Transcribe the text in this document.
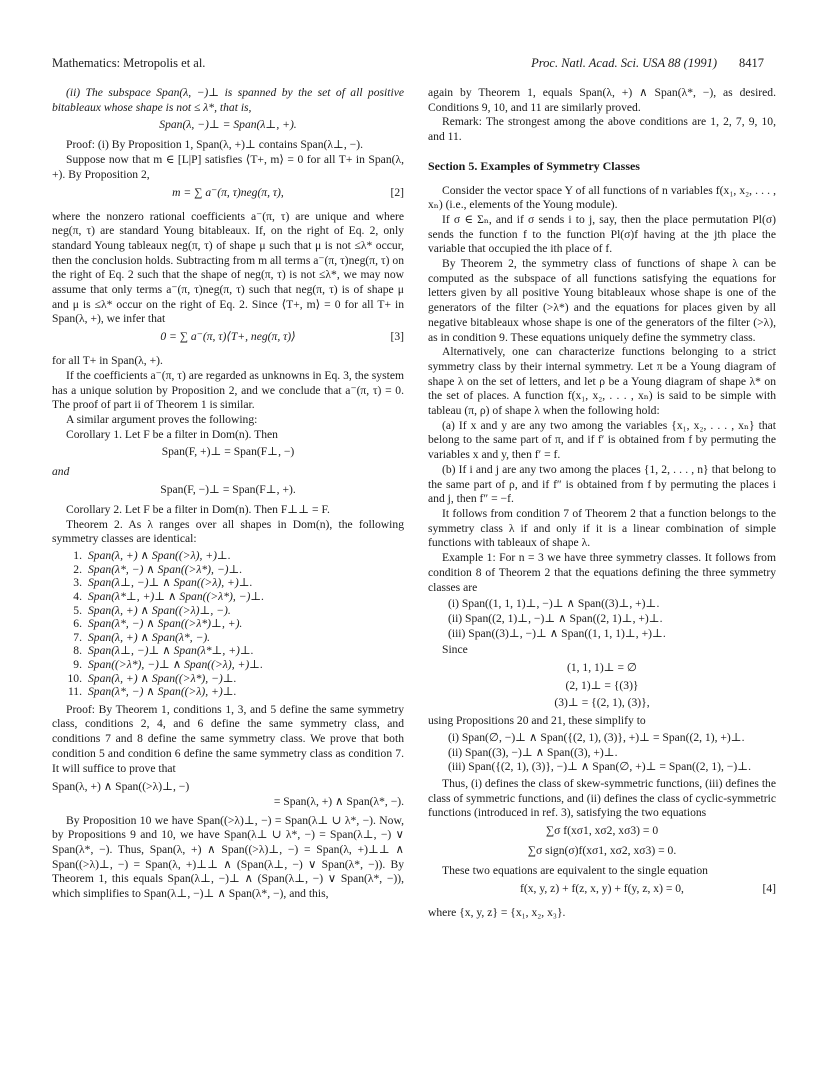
Mathematics: Metropolis et al.	Proc. Natl. Acad. Sci. USA 88 (1991) 8417

(ii) The subspace Span(λ, −)⊥ is spanned by the set of all positive bitableaux whose shape is not ≤ λ*, that is,

Span(λ, −)⊥ = Span(λ⊥, +).

Proof: (i) By Proposition 1, Span(λ, +)⊥ contains Span(λ⊥, −).

Suppose now that m ∈ [L|P] satisfies ⟨T+, m⟩ = 0 for all T+ in Span(λ, +). By Proposition 2,

m = ∑ a⁻(π, τ)neg(π, τ),	[2]

where the nonzero rational coefficients a⁻(π, τ) are unique and where neg(π, τ) are standard Young bitableaux. If, on the right of Eq. 2, only standard Young tableaux neg(π, τ) of shape μ such that μ is not ≤λ* occur, then the conclusion holds. Subtracting from m all terms a⁻(π, τ)neg(π, τ) on the right of Eq. 2 such that the shape of neg(π, τ) is not ≤λ*, we may now assume that only terms a⁻(π, τ)neg(π, τ) such that neg(π, τ) is of shape μ and μ is ≤λ* occur on the right of Eq. 2. Since ⟨T+, m⟩ = 0 for all T+ in Span(λ, +), we infer that

0 = ∑ a⁻(π, τ)⟨T+, neg(π, τ)⟩	[3]

for all T+ in Span(λ, +).

If the coefficients a⁻(π, τ) are regarded as unknowns in Eq. 3, the system has a unique solution by Proposition 2, and we conclude that a⁻(π, τ) = 0. The proof of part ii of Theorem 1 is similar.

A similar argument proves the following:

Corollary 1. Let F be a filter in Dom(n). Then

Span(F, +)⊥ = Span(F⊥, −)

and

Span(F, −)⊥ = Span(F⊥, +).

Corollary 2. Let F be a filter in Dom(n). Then F⊥⊥ = F.

Theorem 2. As λ ranges over all shapes in Dom(n), the following symmetry classes are identical:

1. Span(λ, +) ∧ Span((>λ), +)⊥.
2. Span(λ*, −) ∧ Span((>λ*), −)⊥.
3. Span(λ⊥, −)⊥ ∧ Span((>λ), +)⊥.
4. Span(λ*⊥, +)⊥ ∧ Span((>λ*), −)⊥.
5. Span(λ, +) ∧ Span((>λ)⊥, −).
6. Span(λ*, −) ∧ Span((>λ*)⊥, +).
7. Span(λ, +) ∧ Span(λ*, −).
8. Span(λ⊥, −)⊥ ∧ Span(λ*⊥, +)⊥.
9. Span((>λ*), −)⊥ ∧ Span((>λ), +)⊥.
10. Span(λ, +) ∧ Span((>λ*), −)⊥.
11. Span(λ*, −) ∧ Span((>λ), +)⊥.

Proof: By Theorem 1, conditions 1, 3, and 5 define the same symmetry class, conditions 2, 4, and 6 define the same symmetry class, and conditions 7 and 8 define the same symmetry class. We prove that both condition 5 and condition 6 define the same symmetry class as condition 7. It will suffice to prove that

Span(λ, +) ∧ Span((>λ)⊥, −)

= Span(λ, +) ∧ Span(λ*, −).

By Proposition 10 we have Span((>λ)⊥, −) = Span(λ⊥ ∪ λ*, −). Now, by Propositions 9 and 10, we have Span(λ⊥ ∪ λ*, −) = Span(λ⊥, −) ∨ Span(λ*, −). Thus, Span(λ, +) ∧ Span((>λ)⊥, −) = Span(λ, +)⊥⊥ ∧ Span((>λ)⊥, −) = Span(λ, +)⊥⊥ ∧ (Span(λ⊥, −) ∨ Span(λ*, −)). By Theorem 1, this equals Span(λ⊥, −)⊥ ∧ (Span(λ⊥, −) ∨ Span(λ*, −)), which simplifies to Span(λ⊥, −)⊥ ∧ Span(λ*, −), and this,

again by Theorem 1, equals Span(λ, +) ∧ Span(λ*, −), as desired. Conditions 9, 10, and 11 are similarly proved.

Remark: The strongest among the above conditions are 1, 2, 7, 9, 10, and 11.

Section 5. Examples of Symmetry Classes

Consider the vector space Y of all functions of n variables f(x₁, x₂, . . . , xₙ) (i.e., elements of the Young module).

If σ ∈ Σₙ, and if σ sends i to j, say, then the place permutation Pl(σ) sends the function f to the function Pl(σ)f having at the jth place the variable that occupied the ith place of f.

By Theorem 2, the symmetry class of functions of shape λ can be computed as the subspace of all functions satisfying the equations for letters given by all positive Young bitableaux whose shape is one of the generators of the filter (>λ*) and the equations for places given by all negative bitableaux whose shape is one of the generators of the filter (>λ), as in condition 9. These equations uniquely define the symmetry class.

Alternatively, one can characterize functions belonging to a strict symmetry class by their internal symmetry. Let π be a Young diagram of shape λ on the set of letters, and let ρ be a Young diagram of shape λ* on the set of places. A function f(x₁, x₂, . . . , xₙ) is said to be simple with tableau (π, ρ) of shape λ when the following hold:

(a) If x and y are any two among the variables {x₁, x₂, . . . , xₙ} that belong to the same part of π, and if f′ is obtained from f by permuting the variables x and y, then f′ = f.

(b) If i and j are any two among the places {1, 2, . . . , n} that belong to the same part of ρ, and if f″ is obtained from f by permuting the places i and j, then f″ = −f.

It follows from condition 7 of Theorem 2 that a function belongs to the symmetry class λ if and only if it is a linear combination of simple functions with tableaux of shape λ.

Example 1: For n = 3 we have three symmetry classes. It follows from condition 8 of Theorem 2 that the equations defining the three symmetry classes are

(i) Span((1, 1, 1)⊥, −)⊥ ∧ Span((3)⊥, +)⊥.
(ii) Span((2, 1)⊥, −)⊥ ∧ Span((2, 1)⊥, +)⊥.
(iii) Span((3)⊥, −)⊥ ∧ Span((1, 1, 1)⊥, +)⊥.

Since

(1, 1, 1)⊥ = ∅
(2, 1)⊥ = {(3)}
(3)⊥ = {(2, 1), (3)},

using Propositions 20 and 21, these simplify to

(i) Span(∅, −)⊥ ∧ Span({(2, 1), (3)}, +)⊥ = Span((2, 1), +)⊥.
(ii) Span((3), −)⊥ ∧ Span((3), +)⊥.
(iii) Span({(2, 1), (3)}, −)⊥ ∧ Span(∅, +)⊥ = Span((2, 1), −)⊥.

Thus, (i) defines the class of skew-symmetric functions, (iii) defines the class of symmetric functions, and (ii) defines the class of cyclic-symmetric functions (introduced in ref. 3), satisfying the two equations

∑σ f(xσ1, xσ2, xσ3) = 0
∑σ sign(σ)f(xσ1, xσ2, xσ3) = 0.

These two equations are equivalent to the single equation

f(x, y, z) + f(z, x, y) + f(y, z, x) = 0,	[4]

where {x, y, z} = {x₁, x₂, x₃}.
